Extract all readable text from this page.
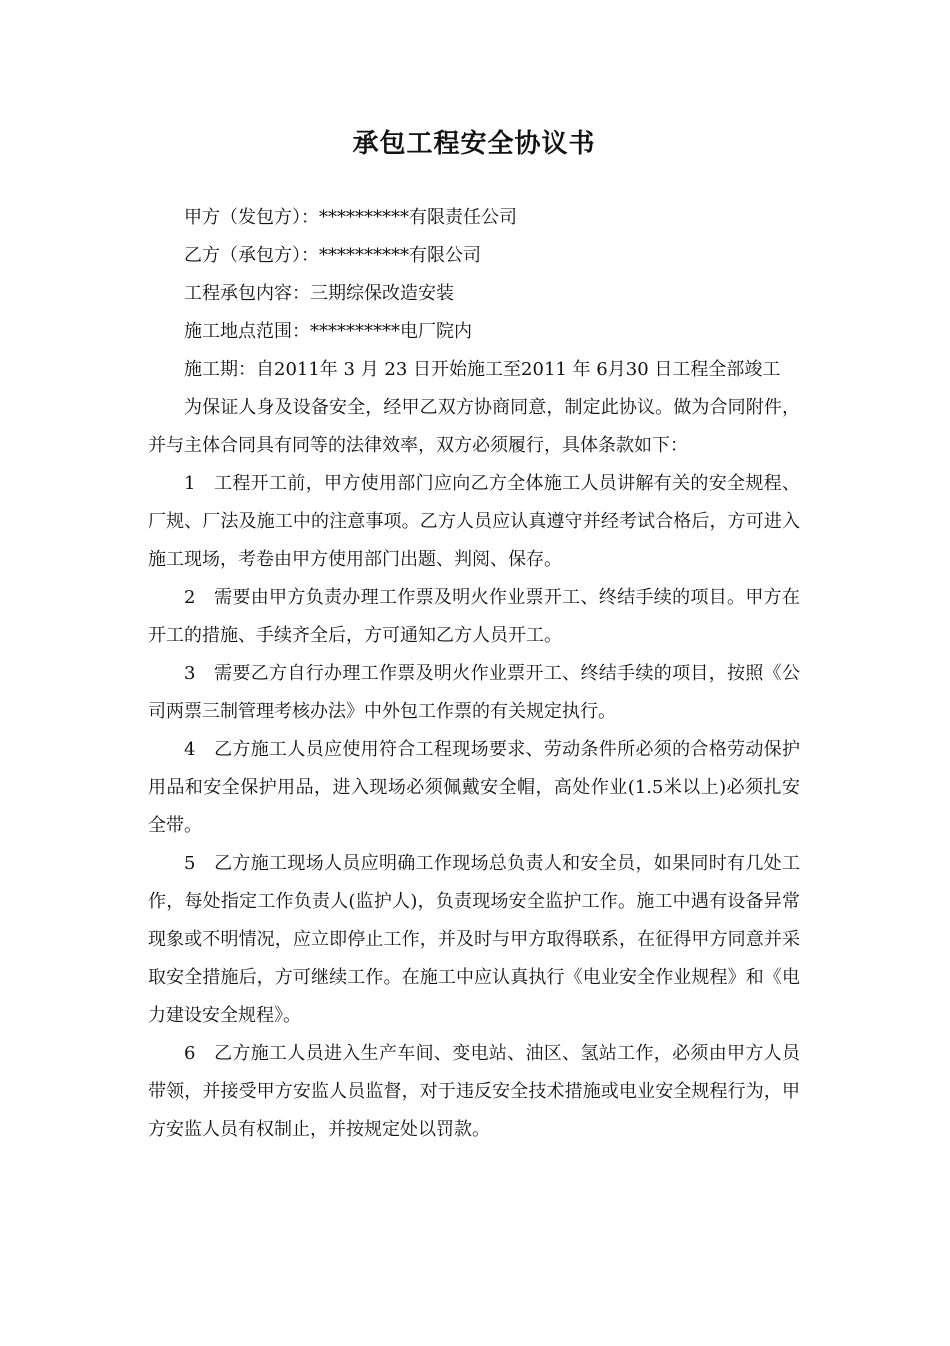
承包工程安全协议书

甲方（发包方）：**********有限责任公司

乙方（承包方）：**********有限公司

工程承包内容：三期综保改造安装

施工地点范围：**********电厂院内

施工期：自2011年 3 月 23 日开始施工至2011 年 6月30 日工程全部竣工

为保证人身及设备安全，经甲乙双方协商同意，制定此协议。做为合同附件，并与主体合同具有同等的法律效率，双方必须履行，具体条款如下：

1　工程开工前，甲方使用部门应向乙方全体施工人员讲解有关的安全规程、厂规、厂法及施工中的注意事项。乙方人员应认真遵守并经考试合格后，方可进入施工现场，考卷由甲方使用部门出题、判阅、保存。

2　需要由甲方负责办理工作票及明火作业票开工、终结手续的项目。甲方在开工的措施、手续齐全后，方可通知乙方人员开工。

3　需要乙方自行办理工作票及明火作业票开工、终结手续的项目，按照《公司两票三制管理考核办法》中外包工作票的有关规定执行。

4　乙方施工人员应使用符合工程现场要求、劳动条件所必须的合格劳动保护用品和安全保护用品，进入现场必须佩戴安全帽，高处作业(1.5米以上)必须扎安全带。

5　乙方施工现场人员应明确工作现场总负责人和安全员，如果同时有几处工作，每处指定工作负责人(监护人)，负责现场安全监护工作。施工中遇有设备异常现象或不明情况，应立即停止工作，并及时与甲方取得联系，在征得甲方同意并采取安全措施后，方可继续工作。在施工中应认真执行《电业安全作业规程》和《电力建设安全规程》。

6　乙方施工人员进入生产车间、变电站、油区、氢站工作，必须由甲方人员带领，并接受甲方安监人员监督，对于违反安全技术措施或电业安全规程行为，甲方安监人员有权制止，并按规定处以罚款。
